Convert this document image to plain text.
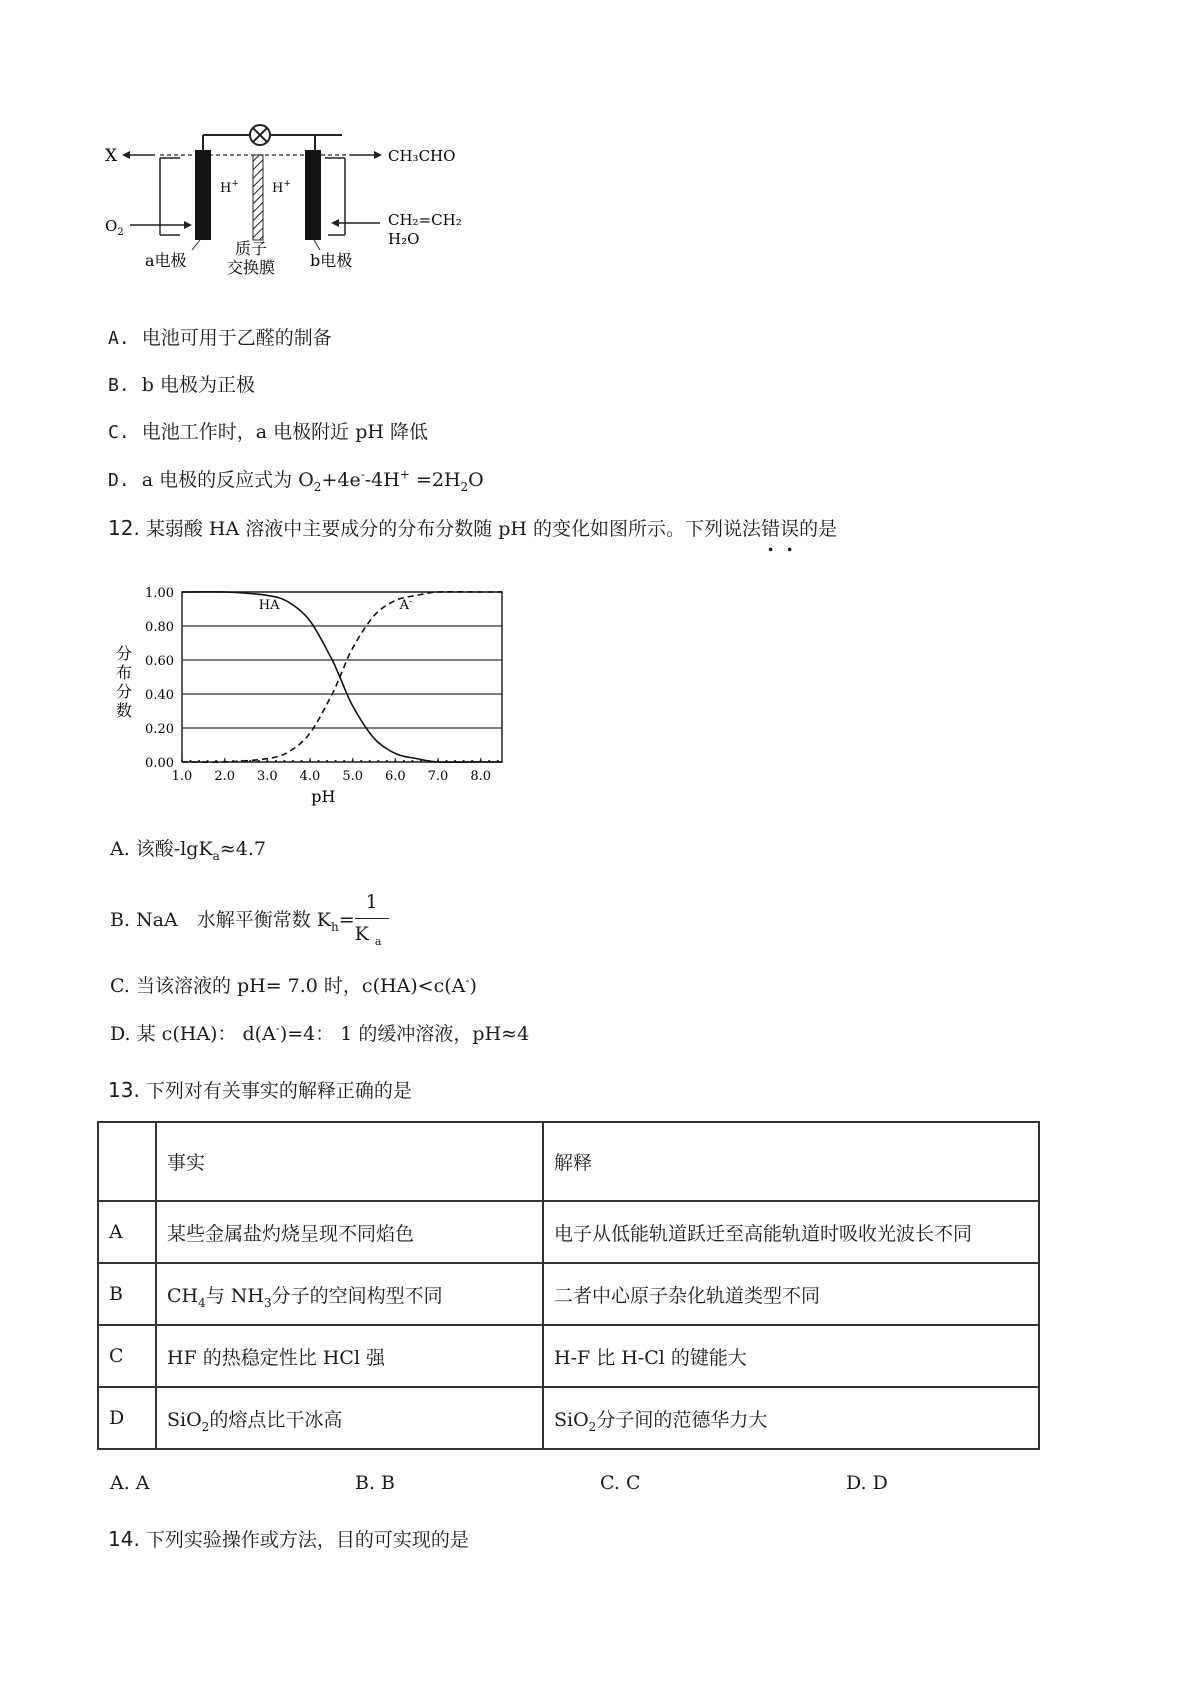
X
$O_2$
H+	H+
CH₃CHO
CH₂=CH₂
H₂O
a电极
质子
交换膜 b电极
A. 电池可用于乙醛的制备
B. b 电极为正极
C. 电池工作时，a 电极附近 pH 降低
D. a 电极的反应式为 $O_2+4e^--4H^+ =2H_2O$
12. 某弱酸 HA 溶液中主要成分的分布分数随 pH 的变化如图所示。下列说法错误的是
0.00
0.20
0.40
0.60
0.80
1.00
分
布
分
数
1.0 2.0 3.0 4.0 5.0 6.0 7.0 8.0
pH
HA	A-
A. 该酸-lgK$_a$≈4.7
B. NaA　水解平衡常数 $K_h= \frac{1}{K _a}$
C. 当该溶液的 pH= 7.0 时，c(HA)<c(A-)
D. 某 c(HA)： d(A-)=4： 1 的缓冲溶液，pH≈4
13. 下列对有关事实的解释正确的是
	事实	解释
A	某些金属盐灼烧呈现不同焰色	电子从低能轨道跃迁至高能轨道时吸收光波长不同
B	$CH_4$与 $NH_3$分子的空间构型不同	二者中心原子杂化轨道类型不同
C	HF 的热稳定性比 HCl 强	H-F 比 H-Cl 的键能大
D	SiO$_2$的熔点比干冰高	SiO$_2$分子间的范德华力大
A. A	B. B	C. C	D. D
14. 下列实验操作或方法，目的可实现的是
